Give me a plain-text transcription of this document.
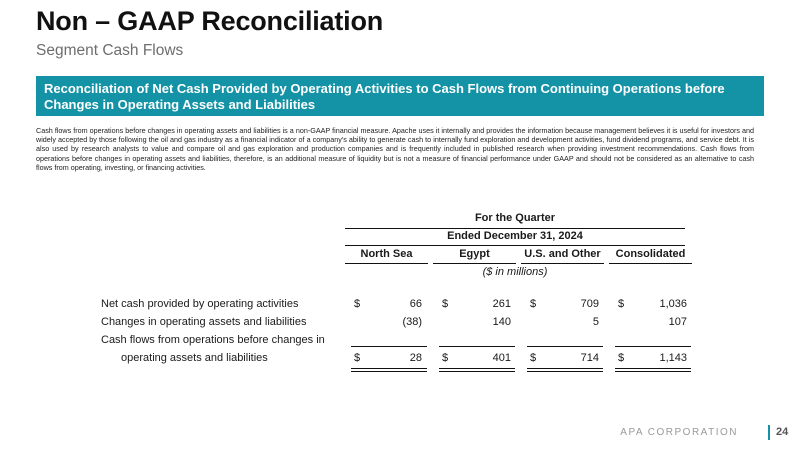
Non – GAAP Reconciliation
Segment Cash Flows
Reconciliation of Net Cash Provided by Operating Activities to Cash Flows from Continuing Operations before Changes in Operating Assets and Liabilities
Cash flows from operations before changes in operating assets and liabilities is a non-GAAP financial measure. Apache uses it internally and provides the information because management believes it is useful for investors and widely accepted by those following the oil and gas industry as a financial indicator of a company's ability to generate cash to internally fund exploration and development activities, fund dividend programs, and service debt. It is also used by research analysts to value and compare oil and gas exploration and production companies and is frequently included in published research when providing investment recommendations. Cash flows from operations before changes in operating assets and liabilities, therefore, is an additional measure of liquidity but is not a measure of financial performance under GAAP and should not be considered as an alternative to cash flows from operating, investing, or financing activities.
For the Quarter
Ended December 31, 2024
North Sea	Egypt	U.S. and Other	Consolidated
($ in millions)
Net cash provided by operating activities	$	66 $	261 $	709 $	1,036
Changes in operating assets and liabilities	(38)	140	5	107
Cash flows from operations before changes in
operating assets and liabilities	$	28 $	401 $	714 $	1,143
APA CORPORATION	24
